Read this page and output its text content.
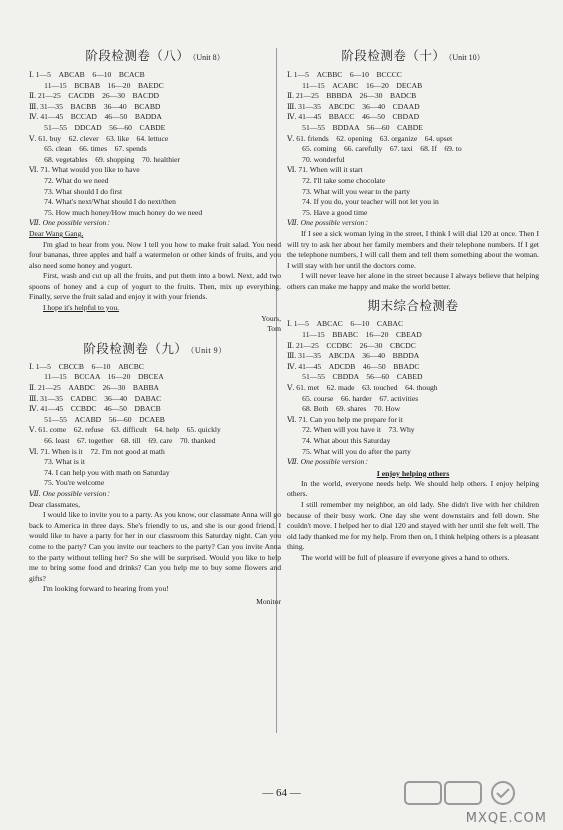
阶段检测卷（八） （Unit 8）
Ⅰ. 1—5　ABCAB　6—10　BCACB
　　11—15　BCBAB　16—20　BAEDC
Ⅱ. 21—25　CACDB　26—30　BACDD
Ⅲ. 31—35　BACBB　36—40　BCABD
Ⅳ. 41—45　BCCAD　46—50　BADDA
　　51—55　DDCAD　56—60　CABDE
Ⅴ. 61. buy　62. clever　63. like　64. lettuce
　　65. clean　66. times　67. spends
　　68. vegetables　69. shopping　70. healthier
Ⅵ. 71. What would you like to have
　　72. What do we need
　　73. What should I do first
　　74. What's next/What should I do next/then
　　75. How much honey/How much honey do we need
Ⅶ. One possible version：
Dear Wang Gang,
I'm glad to hear from you. Now I tell you how to make fruit salad. You need four bananas, three apples and half a watermelon or other kinds of fruits, and you also need some honey and yogurt.
First, wash and cut up all the fruits, and put them into a bowl. Next, add two spoons of honey and a cup of yogurt to the fruits. Then, mix up everything. Finally, serve the fruit salad and enjoy it with your friends.
I hope it's helpful to you.
Yours,
Tom
阶段检测卷（九） （Unit 9）
Ⅰ. 1—5　CBCCB　6—10　ABCBC
　　11—15　BCCAA　16—20　DBCEA
Ⅱ. 21—25　AABDC　26—30　BABBA
Ⅲ. 31—35　CADBC　36—40　DABAC
Ⅳ. 41—45　CCBDC　46—50　DBACB
　　51—55　ACABD　56—60　DCAEB
Ⅴ. 61. come　62. refuse　63. difficult　64. help　65. quickly
　　66. least　67. together　68. till　69. care　70. thanked
Ⅵ. 71. When is it　72. I'm not good at math
　　73. What is it
　　74. I can help you with math on Saturday
　　75. You're welcome
Ⅶ. One possible version：
Dear classmates,
I would like to invite you to a party. As you know, our classmate Anna will go back to America in three days. She's friendly to us, and she is our good friend. I would like to have a party for her in our classroom this Saturday night. Can you come to the party? Can you invite our teachers to the party? Can you invite Anna to the party without telling her? So she will be surprised. Would you like to help me to bring some food and drinks? Can you help me to buy some flowers and gifts?
I'm looking forward to hearing from you!
Monitor
阶段检测卷（十） （Unit 10）
Ⅰ. 1—5　ACBBC　6—10　BCCCC
　　11—15　ACABC　16—20　DECAB
Ⅱ. 21—25　BBBDA　26—30　BADCB
Ⅲ. 31—35　ABCDC　36—40　CDAAD
Ⅳ. 41—45　BBACC　46—50　CBDAD
　　51—55　BDDAA　56—60　CABDE
Ⅴ. 61. friends　62. opening　63. organize　64. upset
　　65. coming　66. carefully　67. taxi　68. If　69. to
　　70. wonderful
Ⅵ. 71. When will it start
　　72. I'll take some chocolate
　　73. What will you wear to the party
　　74. If you do, your teacher will not let you in
　　75. Have a good time
Ⅶ. One possible version：
If I see a sick woman lying in the street, I think I will dial 120 at once. Then I will try to ask her about her family members and their telephone numbers. If I get the telephone numbers, I will call them and tell them something about the woman. I will stay with her until the doctors come.
I will never leave her alone in the street because I always believe that helping others can make me happy and make the world better.
期末综合检测卷
Ⅰ. 1—5　ABCAC　6—10　CABAC
　　11—15　BBABC　16—20　CBEAD
Ⅱ. 21—25　CCDBC　26—30　CBCDC
Ⅲ. 31—35　ABCDA　36—40　BBDDA
Ⅳ. 41—45　ADCDB　46—50　BBADC
　　51—55　CBDDA　56—60　CABED
Ⅴ. 61. met　62. made　63. touched　64. though
　　65. course　66. harder　67. activities
　　68. Both　69. shares　70. How
Ⅵ. 71. Can you help me prepare for it
　　72. When will you have it　73. Why
　　74. What about this Saturday
　　75. What will you do after the party
Ⅶ. One possible version：
I enjoy helping others
In the world, everyone needs help. We should help others. I enjoy helping others.
I still remember my neighbor, an old lady. She didn't live with her children because of their busy work. One day she went downstairs and fell down. She couldn't move. I helped her to dial 120 and stayed with her until she felt well. The old lady thanked me for my help. From then on, I think helping others is a pleasant thing.
The world will be full of pleasure if everyone gives a hand to others.
— 64 —
MXQE.COM
